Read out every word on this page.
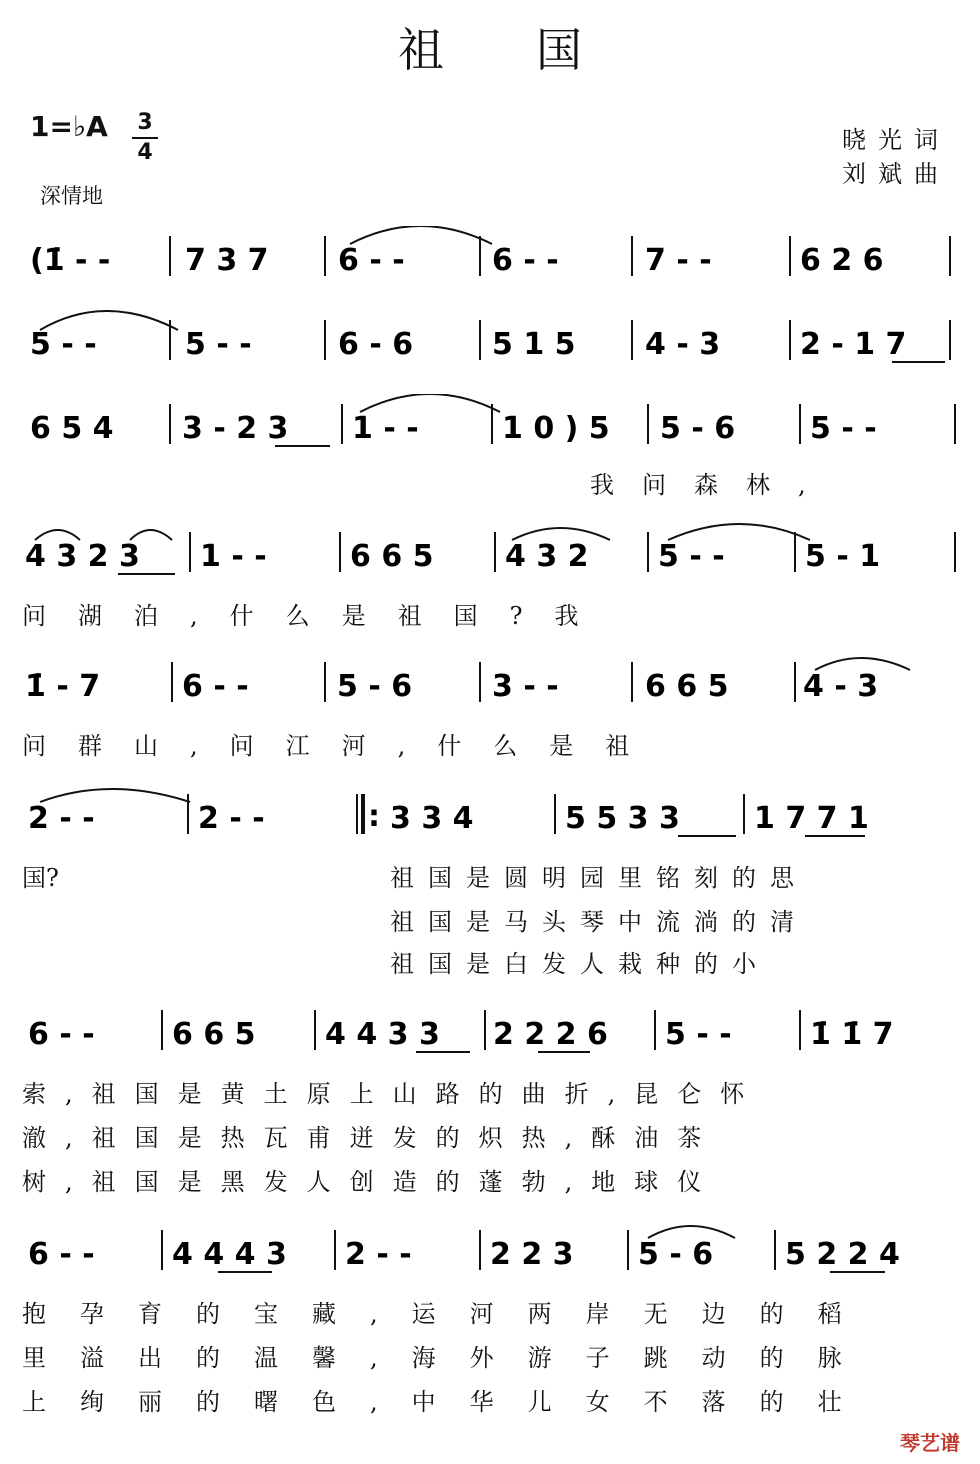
祖国
1=♭A 3
4
深情地
晓光词
刘斌曲
(1̇ - - 7 3 7 6 - -	6 - -	7 - -	6 2 6
5 - -	5 - -	6 - 6	5 1 5 4 - 3	2 - 1 7
6 5 4 3 - 2 3 1 - -	1 0 ) 5 5 - 6 5 - -
我问森林,
4 3 2 3 1 - -	6 6 5 4 3 2 5 - -	5 - 1
问湖泊,什么是祖国?我
1̇ - 7	6 - -	5 - 6	3 - -	6 6 5 4 - 3
问群山,问江河,什么是祖
2 - -	2 - -	: 3 3 4	5 5 3 3 1 7 7 1
国?	祖国是圆明园里铭刻的思
祖国是马头琴中流淌的清
祖国是白发人栽种的小
6 - -	6 6 5 4 4 3 3 2 2 2 6 5 - -	1̇ 1̇ 7
索,祖国是黄土原上山路的曲折,昆仑怀
澈,祖国是热瓦甫迸发的炽热,酥油茶
树,祖国是黑发人创造的蓬勃,地球仪
6 - -	4 4 4 3 2 - -	2 2 3 5 - 6 5 2 2 4
抱孕育的宝藏,运河两岸无边的稻
里溢出的温馨,海外游子跳动的脉
上绚丽的曙色,中华儿女不落的壮
琴艺谱
